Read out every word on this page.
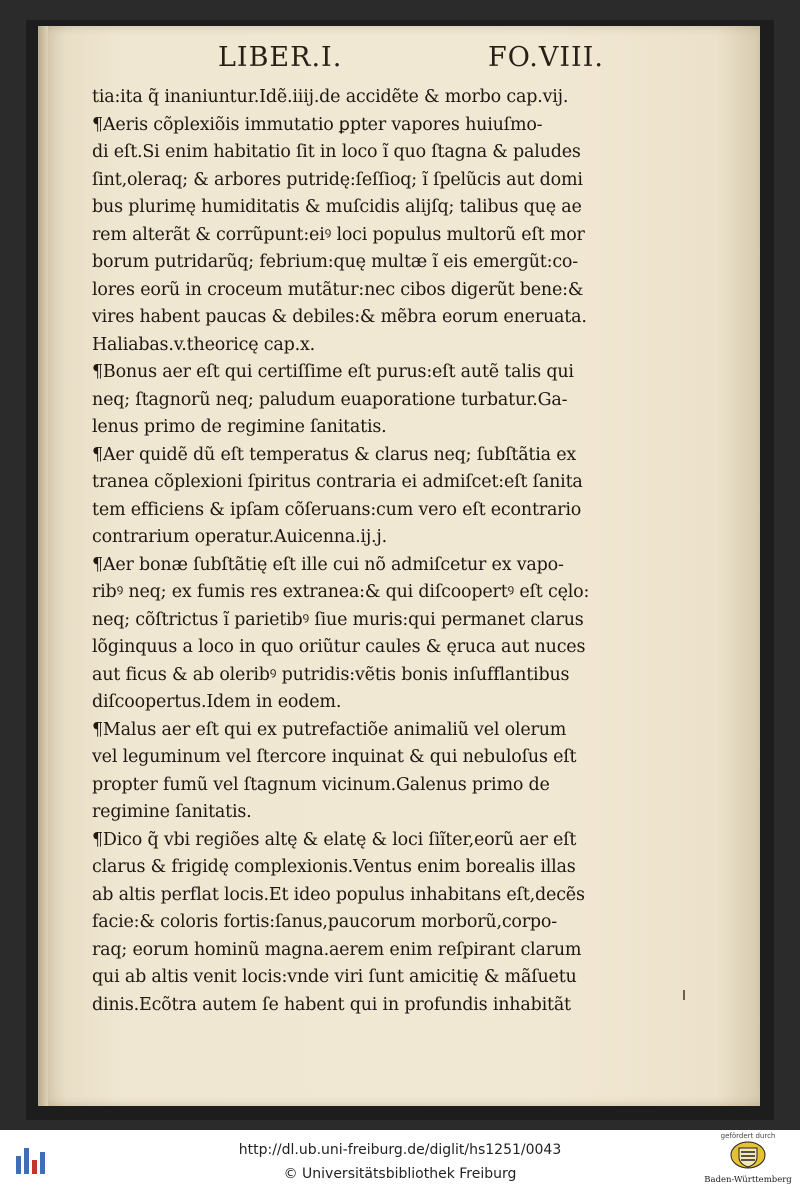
LIBER.I.	FO.VIII.
tia:ita q̃ inaniuntur.Idẽ.iiij.de accidẽte & morbo cap.vij.
¶Aeris cõplexiõis immutatio ꝑpter vapores huiuſmo-
di eſt.Si enim habitatio ſit in loco ĩ quo ſtagna & paludes
ſint,oleraq; & arbores putridę:ſeſſioq; ĩ ſpelũcis aut domi
bus plurimę humiditatis & muſcidis alijſq; talibus quę ae
rem alterãt & corrũpunt:eiꝰ loci populus multorũ eſt mor
borum putridarũq; febrium:quę multæ ĩ eis emergũt:co-
lores eorũ in croceum mutãtur:nec cibos digerũt bene:&
vires habent paucas & debiles:& mẽbra eorum eneruata.
Haliabas.v.theoricę cap.x.
¶Bonus aer eſt qui certiſſime eſt purus:eſt autẽ talis qui
neq; ſtagnorũ neq; paludum euaporatione turbatur.Ga-
lenus primo de regimine ſanitatis.
¶Aer quidẽ dũ eſt temperatus & clarus neq; ſubſtãtia ex
tranea cõplexioni ſpiritus contraria ei admiſcet:eſt ſanita
tem efficiens & ipſam cõſeruans:cum vero eſt econtrario
contrarium operatur.Auicenna.ij.j.
¶Aer bonæ ſubſtãtię eſt ille cui nõ admiſcetur ex vapo-
ribꝰ neq; ex fumis res extranea:& qui diſcoopertꝰ eſt cęlo:
neq; cõſtrictus ĩ parietibꝰ ſiue muris:qui permanet clarus
lõginquus a loco in quo oriũtur caules & ęruca aut nuces
aut ficus & ab oleribꝰ putridis:vẽtis bonis inſufflantibus
diſcoopertus.Idem in eodem.
¶Malus aer eſt qui ex putrefactiõe animaliũ vel olerum
vel leguminum vel ſtercore inquinat & qui nebuloſus eſt
propter fumũ vel ſtagnum vicinum.Galenus primo de
regimine ſanitatis.
¶Dico q̃ vbi regiões altę & elatę & loci ſiĩter,eorũ aer eſt
clarus & frigidę complexionis.Ventus enim borealis illas
ab altis perflat locis.Et ideo populus inhabitans eſt,decẽs
facie:& coloris fortis:ſanus,paucorum morborũ,corpo-
raq; eorum hominũ magna.aerem enim reſpirant clarum
qui ab altis venit locis:vnde viri ſunt amicitię & mãſuetu
dinis.Ecõtra autem ſe habent qui in profundis inhabitãt
http://dl.ub.uni-freiburg.de/diglit/hs1251/0043
© Universitätsbibliothek Freiburg
gefördert durch
Baden-Württemberg
